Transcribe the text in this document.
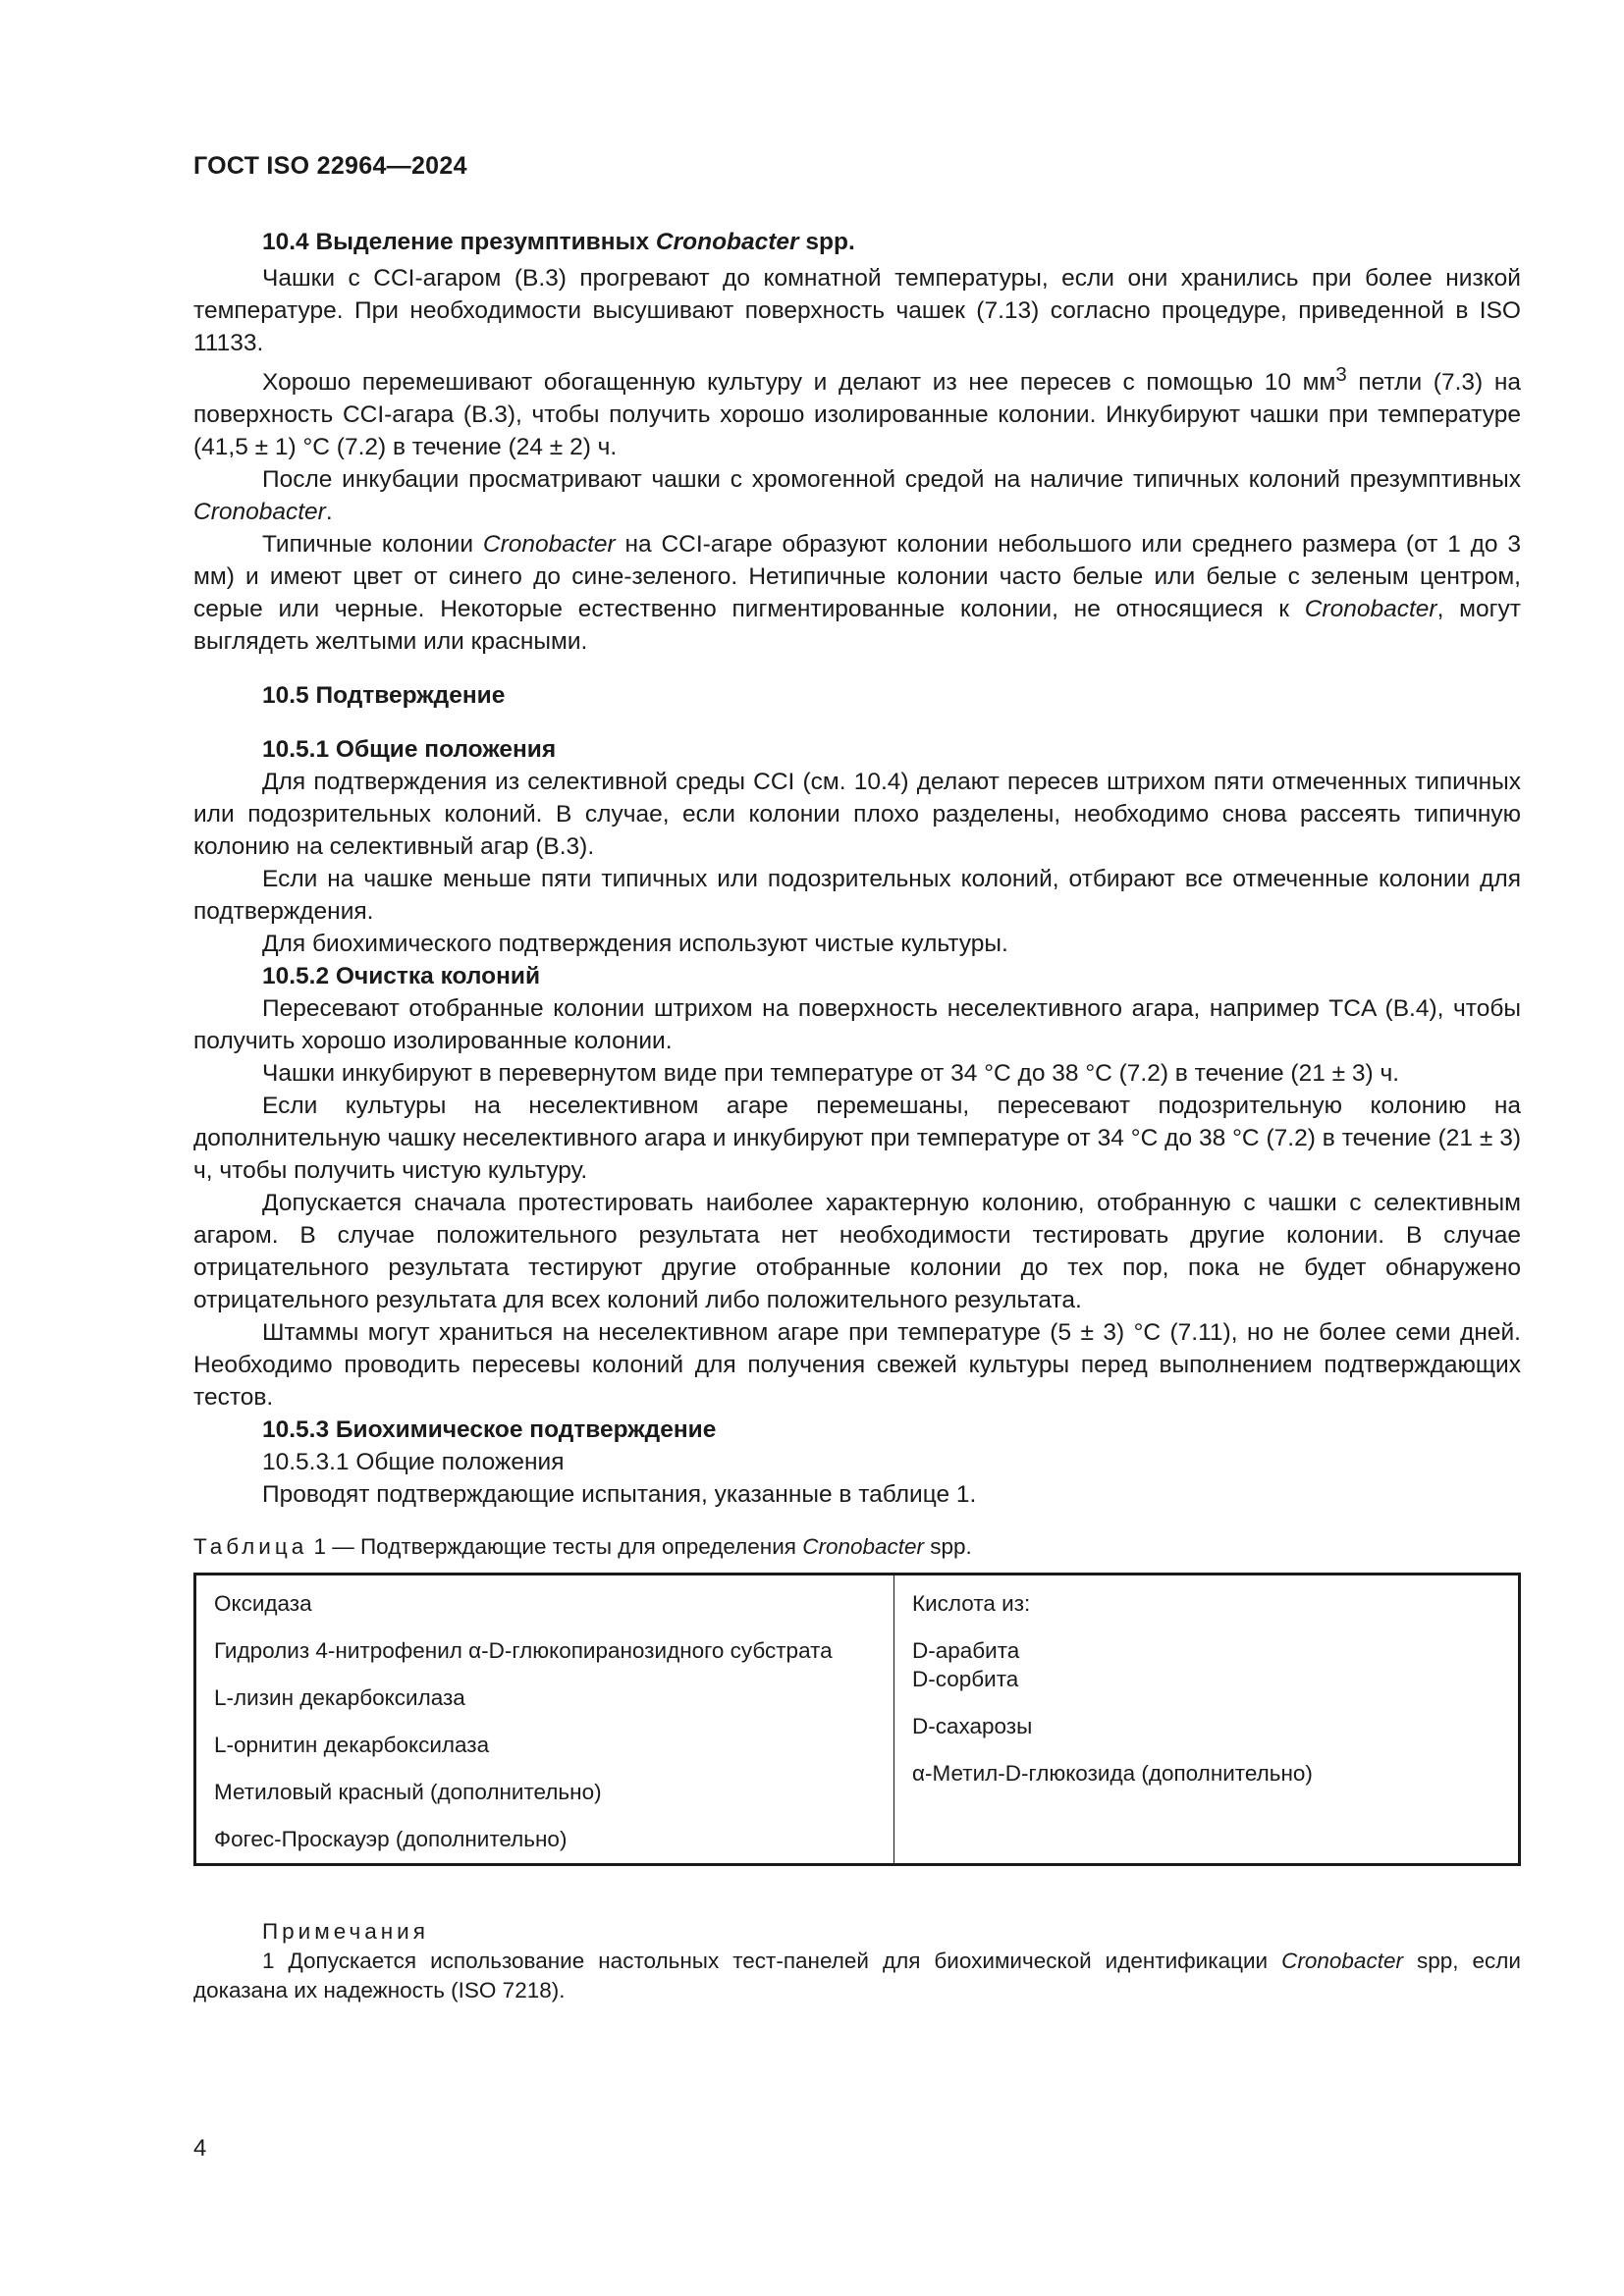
ГОСТ ISO 22964—2024
10.4 Выделение презумптивных Cronobacter spp.

Чашки с CCI-агаром (B.3) прогревают до комнатной температуры, если они хранились при более низкой температуре. При необходимости высушивают поверхность чашек (7.13) согласно процедуре, приведенной в ISO 11133.

Хорошо перемешивают обогащенную культуру и делают из нее пересев с помощью 10 $мм^3$ петли (7.3) на поверхность CCI-агара (B.3), чтобы получить хорошо изолированные колонии. Инкубируют чашки при температуре (41,5 ± 1) °С (7.2) в течение (24 ± 2) ч.

После инкубации просматривают чашки с хромогенной средой на наличие типичных колоний презумптивных Cronobacter.

Типичные колонии Cronobacter на CCI-агаре образуют колонии небольшого или среднего размера (от 1 до 3 мм) и имеют цвет от синего до сине-зеленого. Нетипичные колонии часто белые или белые с зеленым центром, серые или черные. Некоторые естественно пигментированные колонии, не относящиеся к Cronobacter, могут выглядеть желтыми или красными.

10.5 Подтверждение
10.5.1 Общие положения

Для подтверждения из селективной среды CCI (см. 10.4) делают пересев штрихом пяти отмеченных типичных или подозрительных колоний. В случае, если колонии плохо разделены, необходимо снова рассеять типичную колонию на селективный агар (B.3).

Если на чашке меньше пяти типичных или подозрительных колоний, отбирают все отмеченные колонии для подтверждения.

Для биохимического подтверждения используют чистые культуры.

10.5.2 Очистка колоний

Пересевают отобранные колонии штрихом на поверхность неселективного агара, например TCA (B.4), чтобы получить хорошо изолированные колонии.

Чашки инкубируют в перевернутом виде при температуре от 34 °С до 38 °С (7.2) в течение (21 ± 3) ч.

Если культуры на неселективном агаре перемешаны, пересевают подозрительную колонию на дополнительную чашку неселективного агара и инкубируют при температуре от 34 °С до 38 °С (7.2) в течение (21 ± 3) ч, чтобы получить чистую культуру.

Допускается сначала протестировать наиболее характерную колонию, отобранную с чашки с селективным агаром. В случае положительного результата нет необходимости тестировать другие колонии. В случае отрицательного результата тестируют другие отобранные колонии до тех пор, пока не будет обнаружено отрицательного результата для всех колоний либо положительного результата.

Штаммы могут храниться на неселективном агаре при температуре (5 ± 3) °С (7.11), но не более семи дней. Необходимо проводить пересевы колоний для получения свежей культуры перед выполнением подтверждающих тестов.

10.5.3 Биохимическое подтверждение

10.5.3.1 Общие положения

Проводят подтверждающие испытания, указанные в таблице 1.

Таблица 1 — Подтверждающие тесты для определения Cronobacter spp.
Оксидаза
Гидролиз 4-нитрофенил α-D-глюкопиранозидного субстрата
L-лизин декарбоксилаза
L-орнитин декарбоксилаза
Метиловый красный (дополнительно)
Фогес-Проскауэр (дополнительно)

Кислота из:
D-арабита
D-сорбита
D-сахарозы
α-Метил-D-глюкозида (дополнительно)

Примечания

1 Допускается использование настольных тест-панелей для биохимической идентификации Cronobacter spp, если доказана их надежность (ISO 7218).

4
